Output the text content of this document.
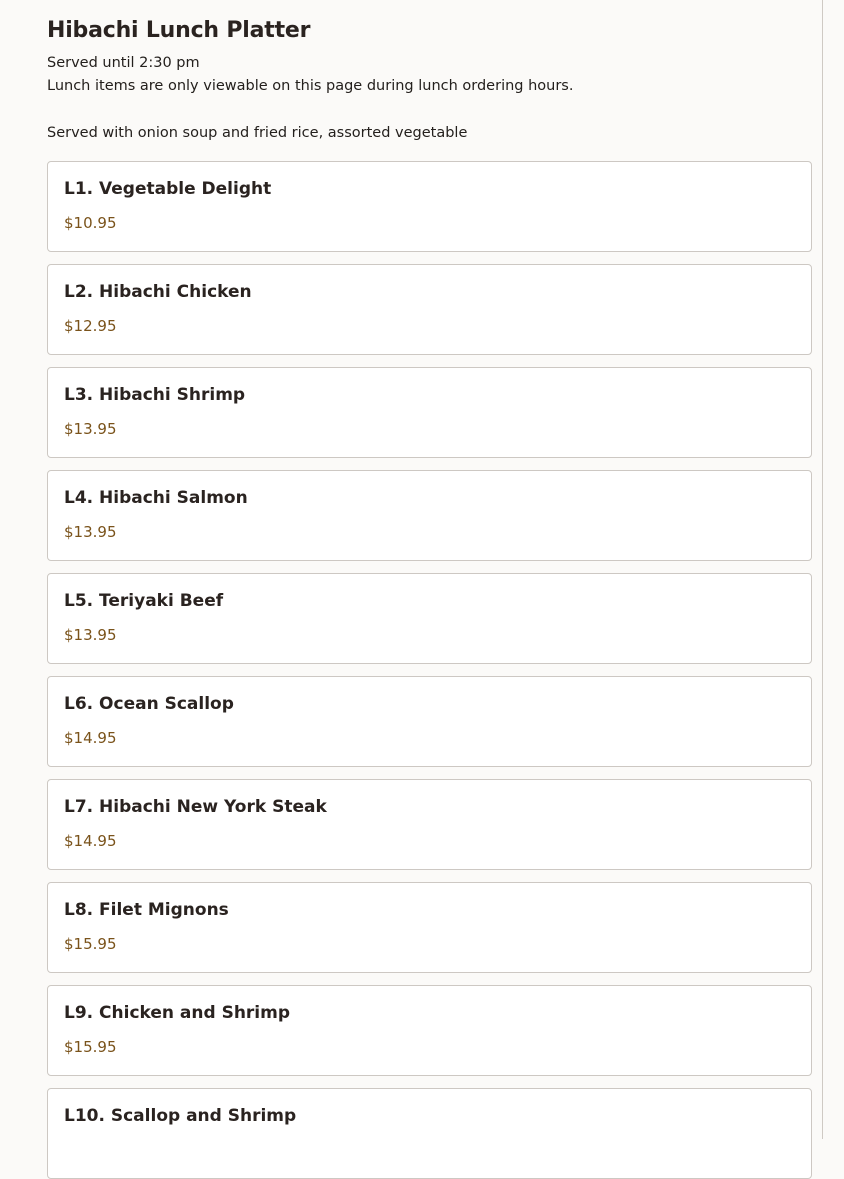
Hibachi Lunch Platter

Served until 2:30 pm

Lunch items are only viewable on this page during lunch ordering hours.

Served with onion soup and fried rice, assorted vegetable

L1. Vegetable Delight

$10.95

L2. Hibachi Chicken

$12.95

L3. Hibachi Shrimp

$13.95

L4. Hibachi Salmon

$13.95

L5. Teriyaki Beef

$13.95

L6. Ocean Scallop

$14.95

L7. Hibachi New York Steak

$14.95

L8. Filet Mignons

$15.95

L9. Chicken and Shrimp

$15.95

L10. Scallop and Shrimp
